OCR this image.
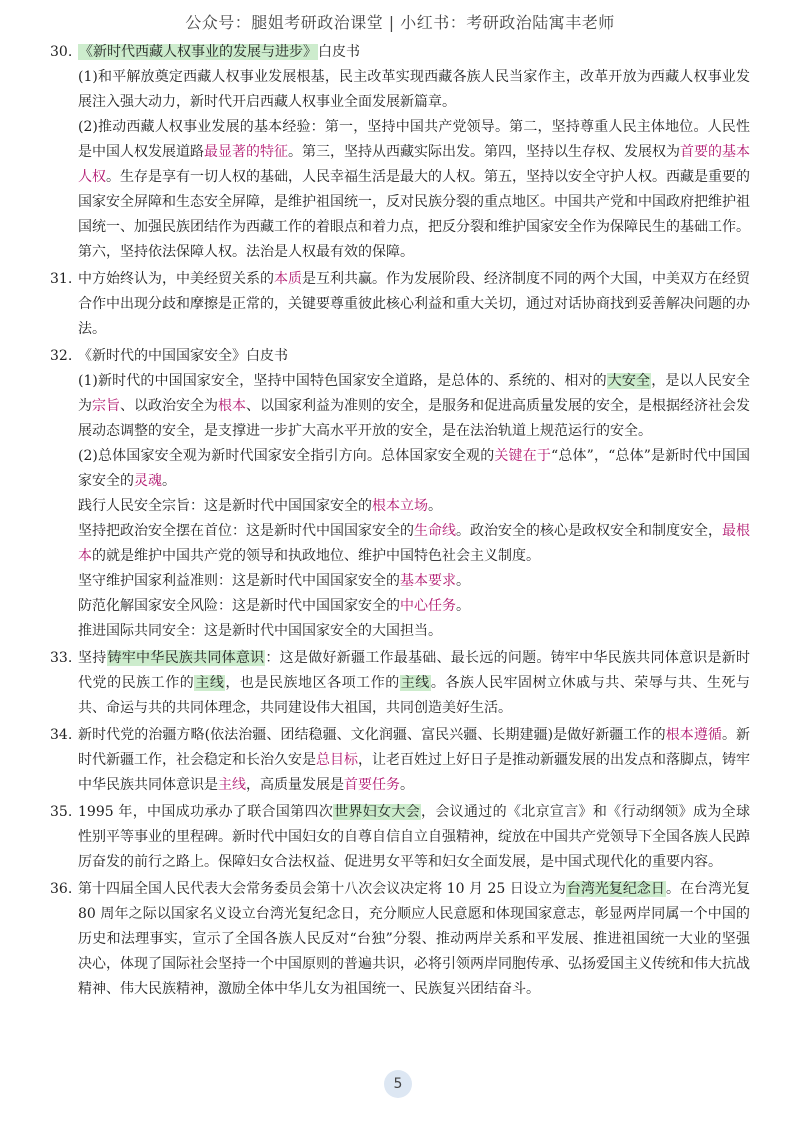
公众号：腿姐考研政治课堂 | 小红书：考研政治陆寓丰老师
30. 《新时代西藏人权事业的发展与进步》白皮书

(1)和平解放奠定西藏人权事业发展根基，民主改革实现西藏各族人民当家作主，改革开放为西藏人权事业发展注入强大动力，新时代开启西藏人权事业全面发展新篇章。

(2)推动西藏人权事业发展的基本经验：第一，坚持中国共产党领导。第二，坚持尊重人民主体地位。人民性是中国人权发展道路最显著的特征。第三，坚持从西藏实际出发。第四，坚持以生存权、发展权为首要的基本人权。生存是享有一切人权的基础，人民幸福生活是最大的人权。第五，坚持以安全守护人权。西藏是重要的国家安全屏障和生态安全屏障，是维护祖国统一，反对民族分裂的重点地区。中国共产党和中国政府把维护祖国统一、加强民族团结作为西藏工作的着眼点和着力点，把反分裂和维护国家安全作为保障民生的基础工作。第六，坚持依法保障人权。法治是人权最有效的保障。

31. 中方始终认为，中美经贸关系的本质是互利共赢。作为发展阶段、经济制度不同的两个大国，中美双方在经贸合作中出现分歧和摩擦是正常的，关键要尊重彼此核心利益和重大关切，通过对话协商找到妥善解决问题的办法。

32. 《新时代的中国国家安全》白皮书

(1)新时代的中国国家安全，坚持中国特色国家安全道路，是总体的、系统的、相对的大安全，是以人民安全为宗旨、以政治安全为根本、以国家利益为准则的安全，是服务和促进高质量发展的安全，是根据经济社会发展动态调整的安全，是支撑进一步扩大高水平开放的安全，是在法治轨道上规范运行的安全。

(2)总体国家安全观为新时代国家安全指引方向。总体国家安全观的关键在于“总体”，“总体”是新时代中国国家安全的灵魂。

践行人民安全宗旨：这是新时代中国国家安全的根本立场。

坚持把政治安全摆在首位：这是新时代中国国家安全的生命线。政治安全的核心是政权安全和制度安全，最根本的就是维护中国共产党的领导和执政地位、维护中国特色社会主义制度。

坚守维护国家利益准则：这是新时代中国国家安全的基本要求。

防范化解国家安全风险：这是新时代中国国家安全的中心任务。

推进国际共同安全：这是新时代中国国家安全的大国担当。

33. 坚持铸牢中华民族共同体意识：这是做好新疆工作最基础、最长远的问题。铸牢中华民族共同体意识是新时代党的民族工作的主线，也是民族地区各项工作的主线。各族人民牢固树立休戚与共、荣辱与共、生死与共、命运与共的共同体理念，共同建设伟大祖国，共同创造美好生活。

34. 新时代党的治疆方略(依法治疆、团结稳疆、文化润疆、富民兴疆、长期建疆)是做好新疆工作的根本遵循。新时代新疆工作，社会稳定和长治久安是总目标，让老百姓过上好日子是推动新疆发展的出发点和落脚点，铸牢中华民族共同体意识是主线，高质量发展是首要任务。

35. 1995 年，中国成功承办了联合国第四次世界妇女大会，会议通过的《北京宣言》和《行动纲领》成为全球性别平等事业的里程碑。新时代中国妇女的自尊自信自立自强精神，绽放在中国共产党领导下全国各族人民踔厉奋发的前行之路上。保障妇女合法权益、促进男女平等和妇女全面发展，是中国式现代化的重要内容。

36. 第十四届全国人民代表大会常务委员会第十八次会议决定将 10 月 25 日设立为台湾光复纪念日。在台湾光复 80 周年之际以国家名义设立台湾光复纪念日，充分顺应人民意愿和体现国家意志，彰显两岸同属一个中国的历史和法理事实，宣示了全国各族人民反对“台独”分裂、推动两岸关系和平发展、推进祖国统一大业的坚强决心，体现了国际社会坚持一个中国原则的普遍共识，必将引领两岸同胞传承、弘扬爱国主义传统和伟大抗战精神、伟大民族精神，激励全体中华儿女为祖国统一、民族复兴团结奋斗。

5
